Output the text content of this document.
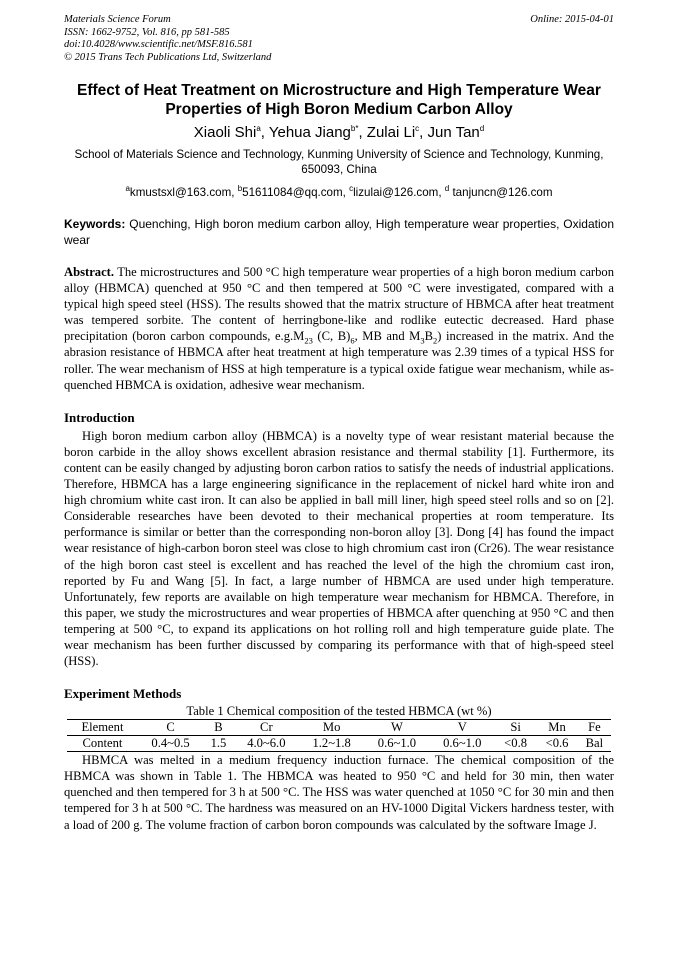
Materials Science Forum
ISSN: 1662-9752, Vol. 816, pp 581-585
doi:10.4028/www.scientific.net/MSF.816.581
© 2015 Trans Tech Publications Ltd, Switzerland
Online: 2015-04-01
Effect of Heat Treatment on Microstructure and High Temperature Wear Properties of High Boron Medium Carbon Alloy
Xiaoli Shi$^a$, Yehua Jiang$^{b*}$, Zulai Li$^c$, Jun Tan$^d$
School of Materials Science and Technology, Kunming University of Science and Technology, Kunming, 650093, China
$^a$kmustsxl@163.com, $^b$51611084@qq.com, $^c$lizulai@126.com, $^d$ tanjuncn@126.com
Keywords: Quenching, High boron medium carbon alloy, High temperature wear properties, Oxidation wear

Abstract. The microstructures and 500 °C high temperature wear properties of a high boron medium carbon alloy (HBMCA) quenched at 950 °C and then tempered at 500 °C were investigated, compared with a typical high speed steel (HSS). The results showed that the matrix structure of HBMCA after heat treatment was tempered sorbite. The content of herringbone-like and rodlike eutectic decreased. Hard phase precipitation (boron carbon compounds, $e.g.M_{23}$ (C, $B)_6$, MB and $M_3B_2$) increased in the matrix. And the abrasion resistance of HBMCA after heat treatment at high temperature was 2.39 times of a typical HSS for roller. The wear mechanism of HSS at high temperature is a typical oxide fatigue wear mechanism, while as-quenched HBMCA is oxidation, adhesive wear mechanism.

Introduction

High boron medium carbon alloy (HBMCA) is a novelty type of wear resistant material because the boron carbide in the alloy shows excellent abrasion resistance and thermal stability [1]. Furthermore, its content can be easily changed by adjusting boron carbon ratios to satisfy the needs of industrial applications. Therefore, HBMCA has a large engineering significance in the replacement of nickel hard white iron and high chromium white cast iron. It can also be applied in ball mill liner, high speed steel rolls and so on [2]. Considerable researches have been devoted to their mechanical properties at room temperature. Its performance is similar or better than the corresponding non-boron alloy [3]. Dong [4] has found the impact wear resistance of high-carbon boron steel was close to high chromium cast iron (Cr26). The wear resistance of the high boron cast steel is excellent and has reached the level of the high the chromium cast iron, reported by Fu and Wang [5]. In fact, a large number of HBMCA are used under high temperature. Unfortunately, few reports are available on high temperature wear mechanism for HBMCA. Therefore, in this paper, we study the microstructures and wear properties of HBMCA after quenching at 950 °C and then tempering at 500 °C, to expand its applications on hot rolling roll and high temperature guide plate. The wear mechanism has been further discussed by comparing its performance with that of high-speed steel (HSS).

Experiment Methods
Table 1 Chemical composition of the tested HBMCA (wt %)
Element	C	B	Cr	Mo	W	V	Si	Mn	Fe
Content	0.4~0.5	1.5	4.0~6.0	1.2~1.8	0.6~1.0	0.6~1.0	<0.8	<0.6	Bal

HBMCA was melted in a medium frequency induction furnace. The chemical composition of the HBMCA was shown in Table 1. The HBMCA was heated to 950 °C and held for 30 min, then water quenched and then tempered for 3 h at 500 °C. The HSS was water quenched at 1050 °C for 30 min and then tempered for 3 h at 500 °C. The hardness was measured on an HV-1000 Digital Vickers hardness tester, with a load of 200 g. The volume fraction of carbon boron compounds was calculated by the software Image J.
